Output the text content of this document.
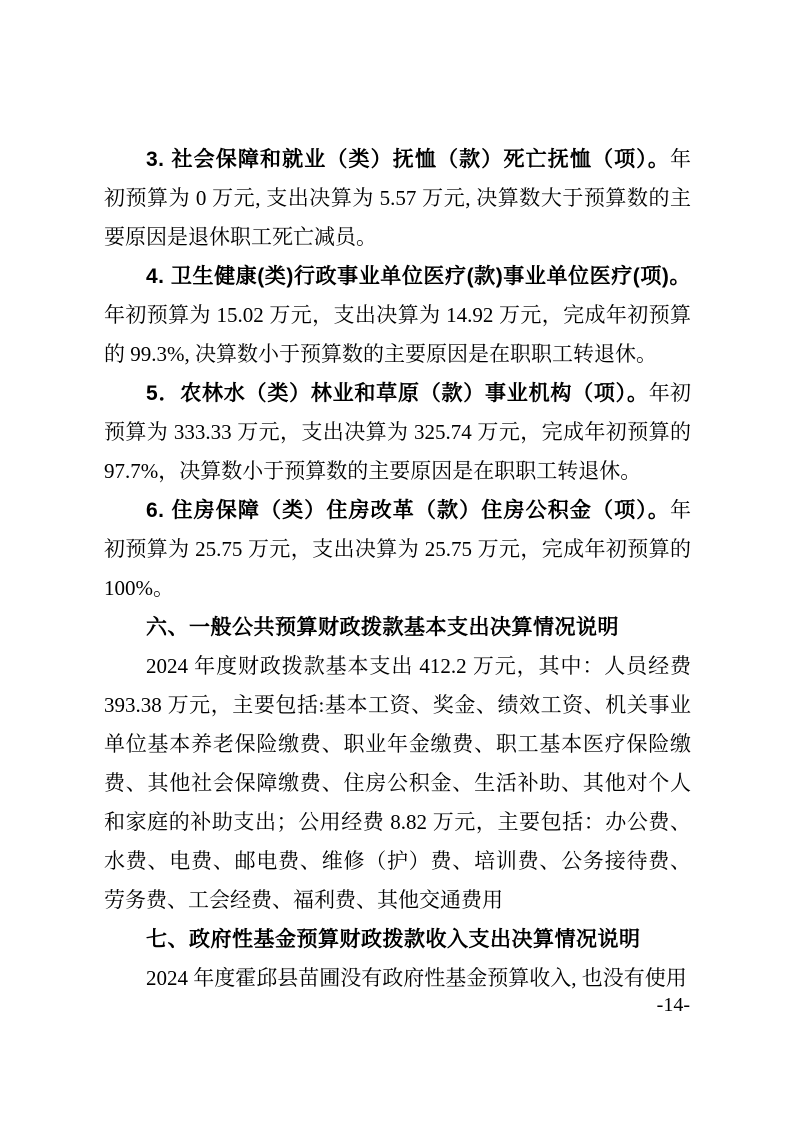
3. 社会保障和就业（类）抚恤（款）死亡抚恤（项）。年初预算为 0 万元, 支出决算为 5.57 万元, 决算数大于预算数的主要原因是退休职工死亡减员。

4. 卫生健康(类)行政事业单位医疗(款)事业单位医疗(项)。年初预算为 15.02 万元，支出决算为 14.92 万元，完成年初预算的 99.3%, 决算数小于预算数的主要原因是在职职工转退休。

5．农林水（类）林业和草原（款）事业机构（项）。年初预算为 333.33 万元，支出决算为 325.74 万元，完成年初预算的 97.7%，决算数小于预算数的主要原因是在职职工转退休。

6. 住房保障（类）住房改革（款）住房公积金（项）。年初预算为 25.75 万元，支出决算为 25.75 万元，完成年初预算的 100%。

六、一般公共预算财政拨款基本支出决算情况说明

2024 年度财政拨款基本支出 412.2 万元，其中：人员经费 393.38 万元，主要包括:基本工资、奖金、绩效工资、机关事业单位基本养老保险缴费、职业年金缴费、职工基本医疗保险缴费、其他社会保障缴费、住房公积金、生活补助、其他对个人和家庭的补助支出；公用经费 8.82 万元，主要包括：办公费、水费、电费、邮电费、维修（护）费、培训费、公务接待费、劳务费、工会经费、福利费、其他交通费用

七、政府性基金预算财政拨款收入支出决算情况说明

2024 年度霍邱县苗圃没有政府性基金预算收入, 也没有使用

-14-
